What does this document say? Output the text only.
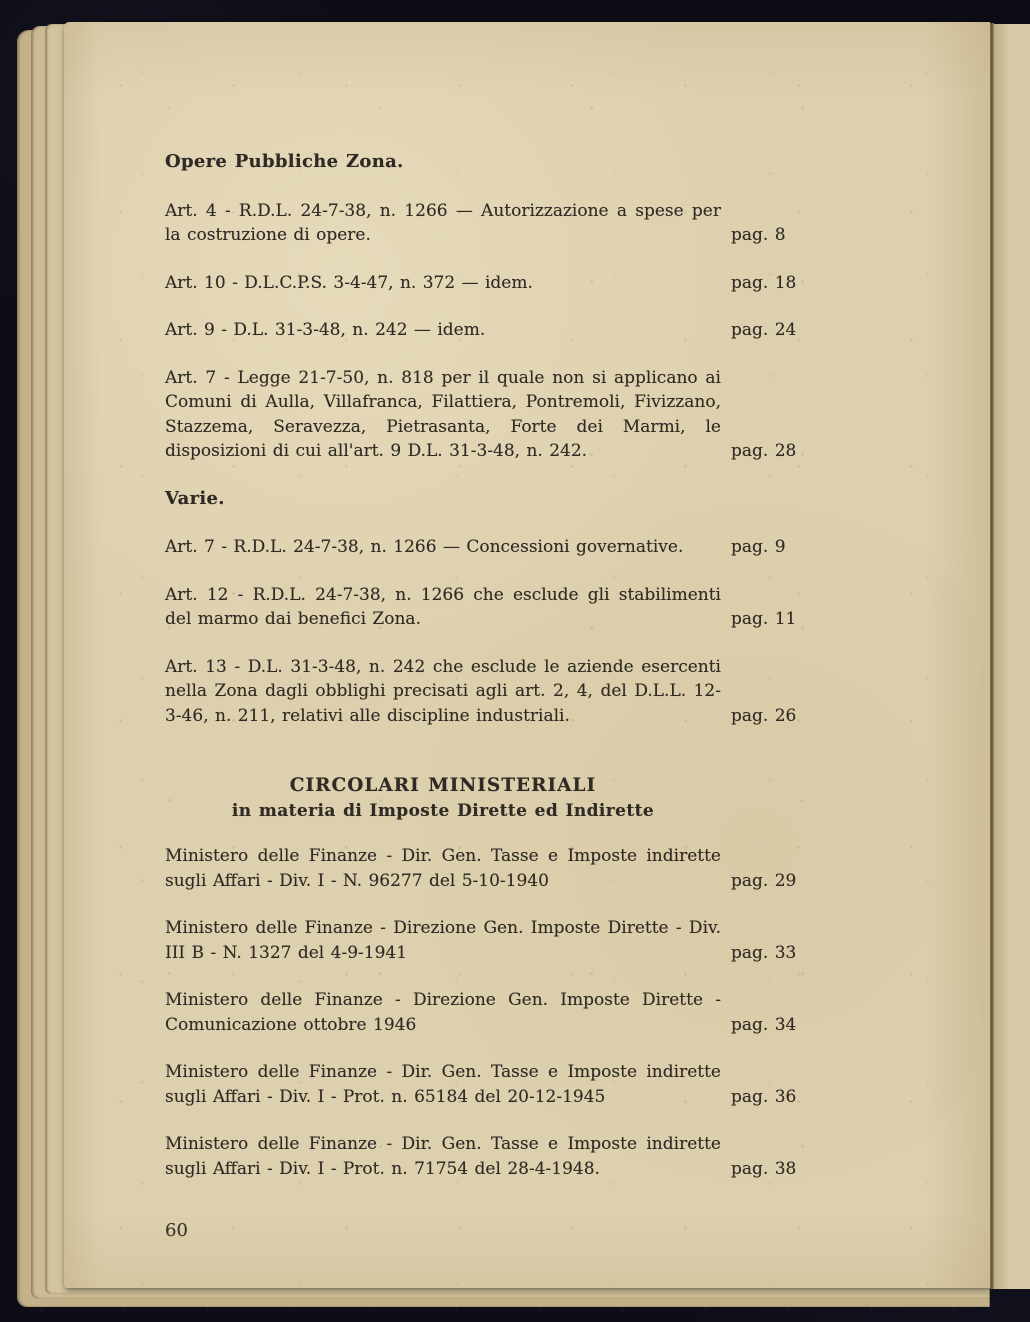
Opere Pubbliche Zona.
Art. 4 - R.D.L. 24-7-38, n. 1266 — Autorizzazione a spese per la costruzione di opere.	pag. 8
Art. 10 - D.L.C.P.S. 3-4-47, n. 372 — idem.	pag. 18
Art. 9 - D.L. 31-3-48, n. 242 — idem.	pag. 24
Art. 7 - Legge 21-7-50, n. 818 per il quale non si applicano ai Comuni di Aulla, Villafranca, Filattiera, Pontremoli, Fivizzano, Stazzema, Seravezza, Pietrasanta, Forte dei Marmi, le disposizioni di cui all'art. 9 D.L. 31-3-48, n. 242.	pag. 28
Varie.
Art. 7 - R.D.L. 24-7-38, n. 1266 — Concessioni governative.	pag. 9
Art. 12 - R.D.L. 24-7-38, n. 1266 che esclude gli stabilimenti del marmo dai benefici Zona.	pag. 11
Art. 13 - D.L. 31-3-48, n. 242 che esclude le aziende esercenti nella Zona dagli obblighi precisati agli art. 2, 4, del D.L.L. 12-3-46, n. 211, relativi alle discipline industriali.	pag. 26
CIRCOLARI MINISTERIALI
in materia di Imposte Dirette ed Indirette
Ministero delle Finanze - Dir. Gen. Tasse e Imposte indirette sugli Affari - Div. I - N. 96277 del 5-10-1940	pag. 29
Ministero delle Finanze - Direzione Gen. Imposte Dirette - Div. III B - N. 1327 del 4-9-1941	pag. 33
Ministero delle Finanze - Direzione Gen. Imposte Dirette - Comunicazione ottobre 1946	pag. 34
Ministero delle Finanze - Dir. Gen. Tasse e Imposte indirette sugli Affari - Div. I - Prot. n. 65184 del 20-12-1945	pag. 36
Ministero delle Finanze - Dir. Gen. Tasse e Imposte indirette sugli Affari - Div. I - Prot. n. 71754 del 28-4-1948.	pag. 38
60
